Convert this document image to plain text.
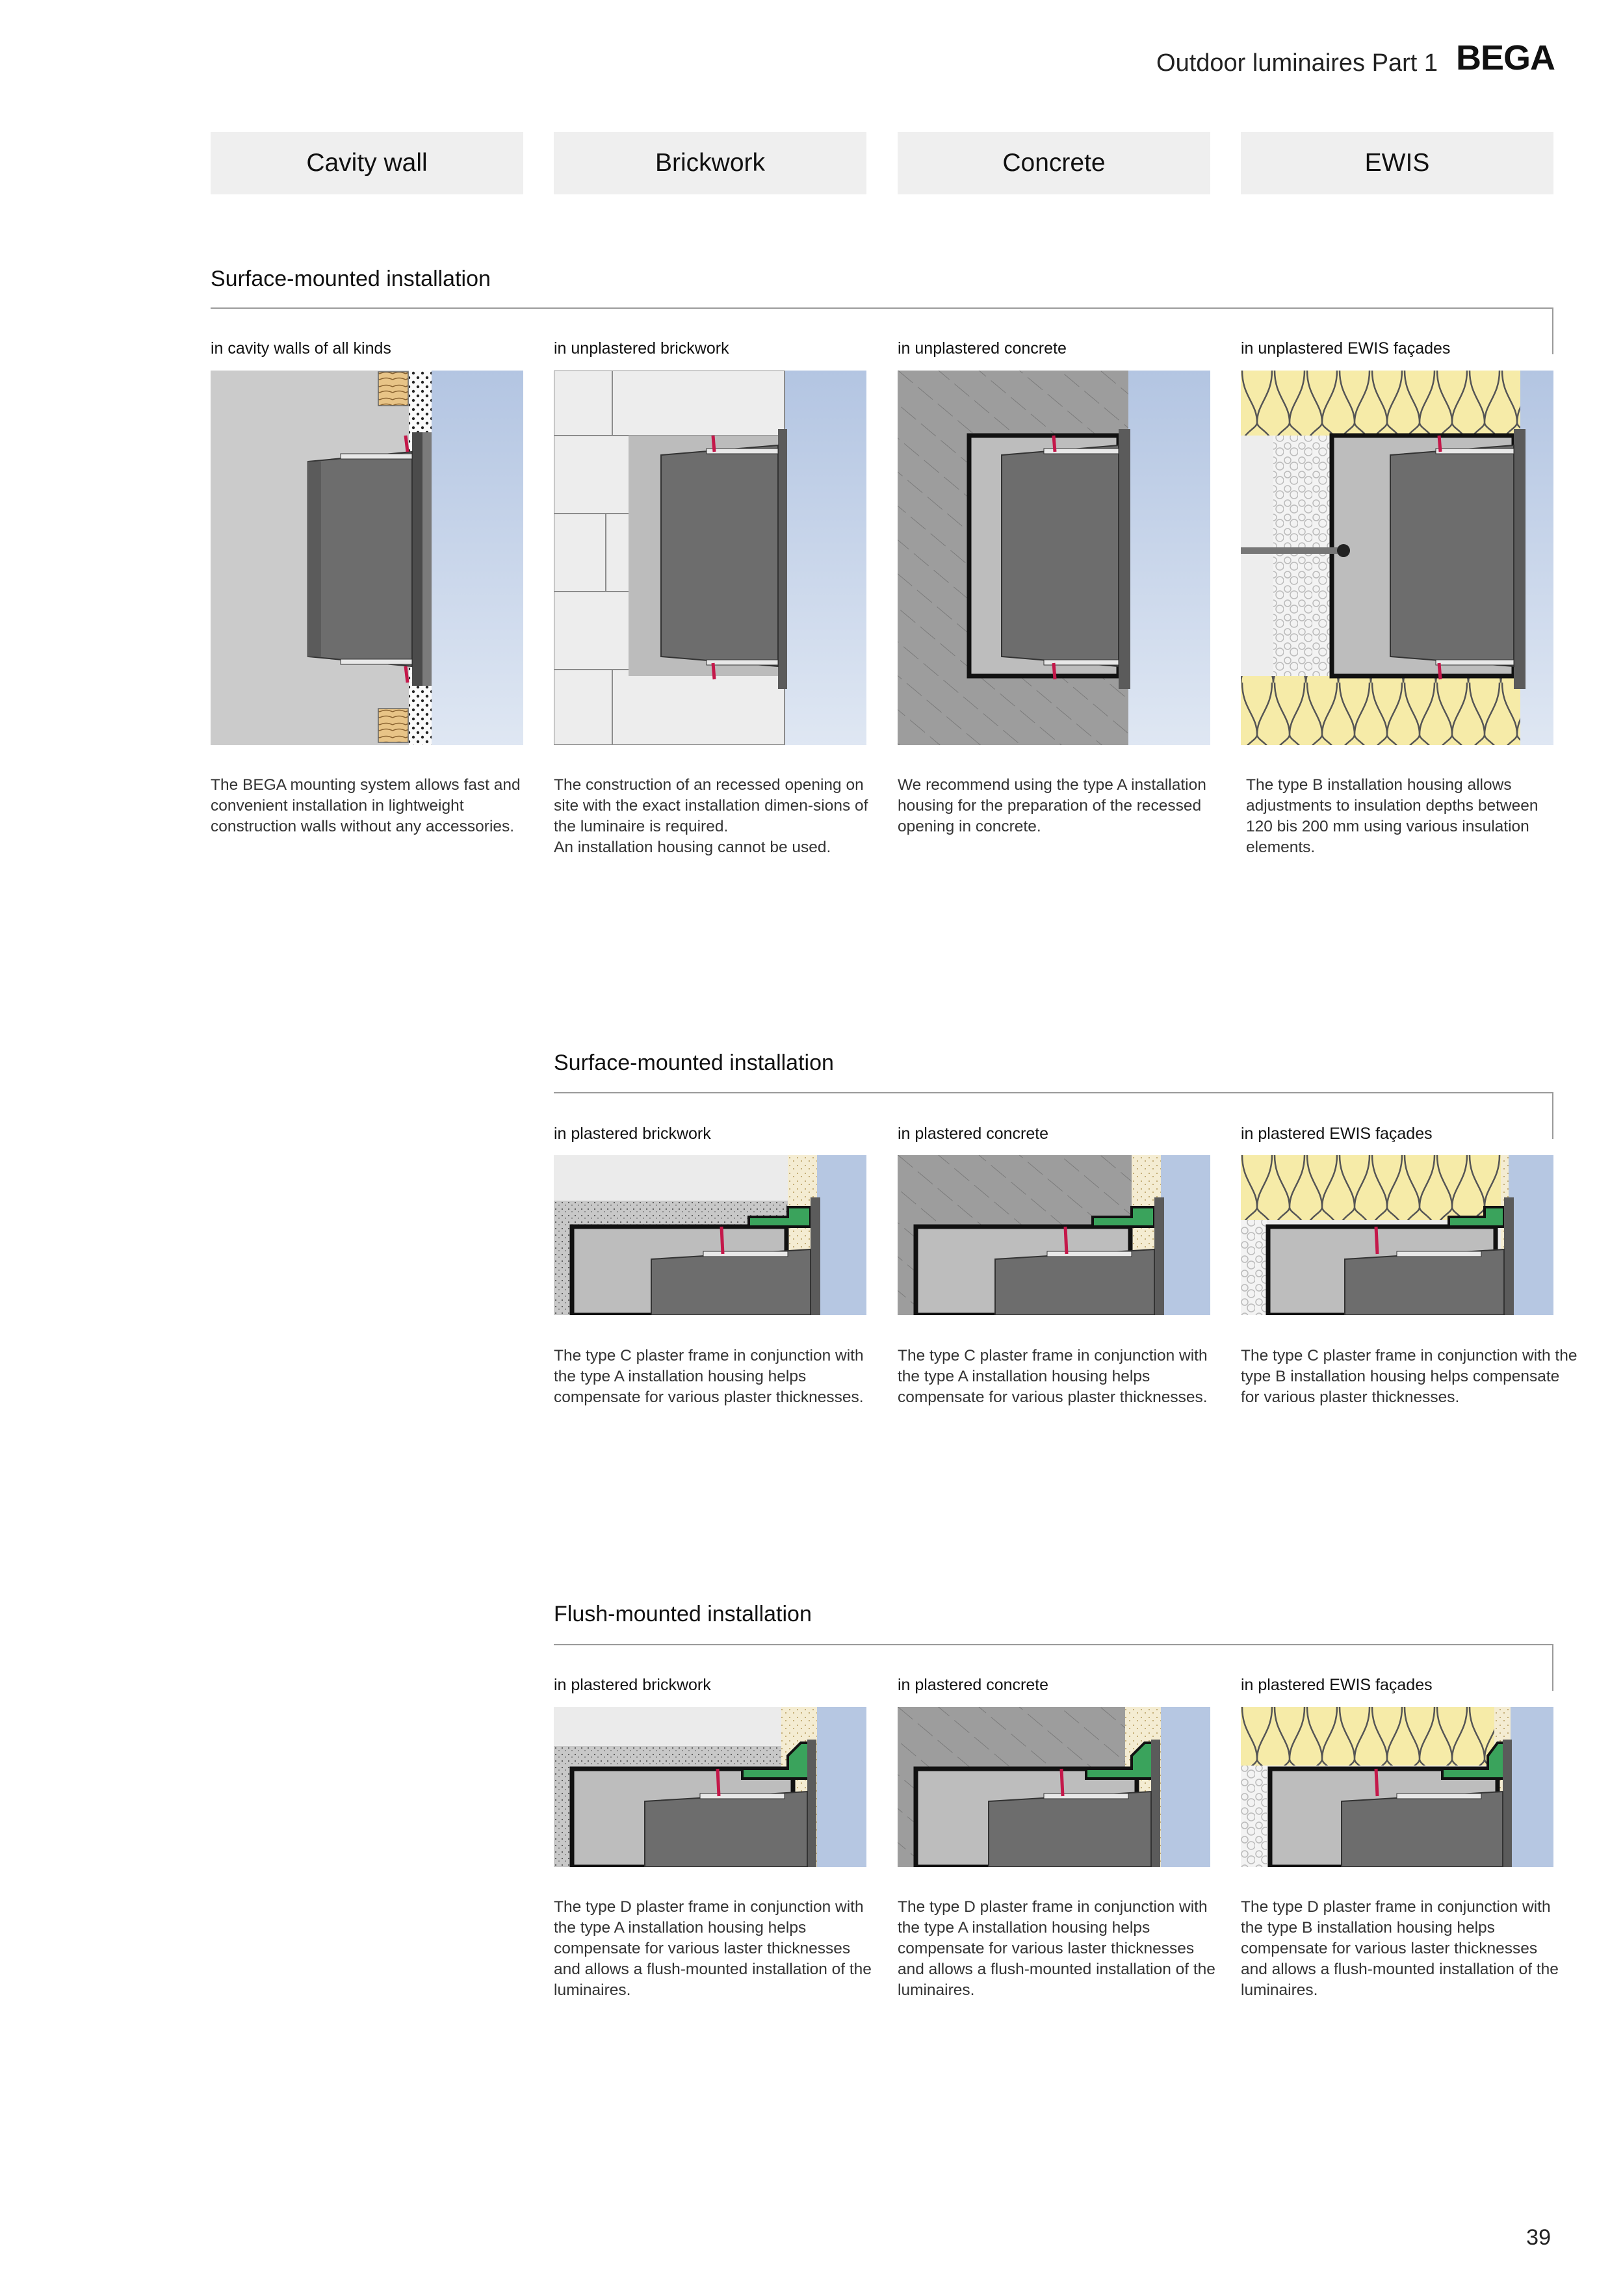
Outdoor luminaires Part 1 BEGA
Cavity wall	Brickwork	Concrete	EWIS
Surface-mounted installation
in cavity walls of all kinds	in unplastered brickwork	in unplastered concrete	in unplastered EWIS façades
The BEGA mounting system allows fast and convenient installation in lightweight construction walls without any accessories.
The construction of an recessed opening on site with the exact installation dimen-sions of the luminaire is required.
An installation housing cannot be used.
We recommend using the type A installation housing for the preparation of the recessed opening in concrete.
The type B installation housing allows adjustments to insulation depths between 120 bis 200 mm using various insulation elements.
Surface-mounted installation
in plastered brickwork	in plastered concrete	in plastered EWIS façades
The type C plaster frame in conjunction with the type A installation housing helps compensate for various plaster thicknesses.
The type C plaster frame in conjunction with the type A installation housing helps compensate for various plaster thicknesses.
The type C plaster frame in conjunction with the type B installation housing helps compensate for various plaster thicknesses.
Flush-mounted installation
in plastered brickwork	in plastered concrete	in plastered EWIS façades
The type D plaster frame in conjunction with the type A installation housing helps compensate for various laster thicknesses and allows a flush-mounted installation of the luminaires.
The type D plaster frame in conjunction with the type A installation housing helps compensate for various laster thicknesses and allows a flush-mounted installation of the luminaires.
The type D plaster frame in conjunction with the type B installation housing helps compensate for various laster thicknesses and allows a flush-mounted installation of the luminaires.
39
